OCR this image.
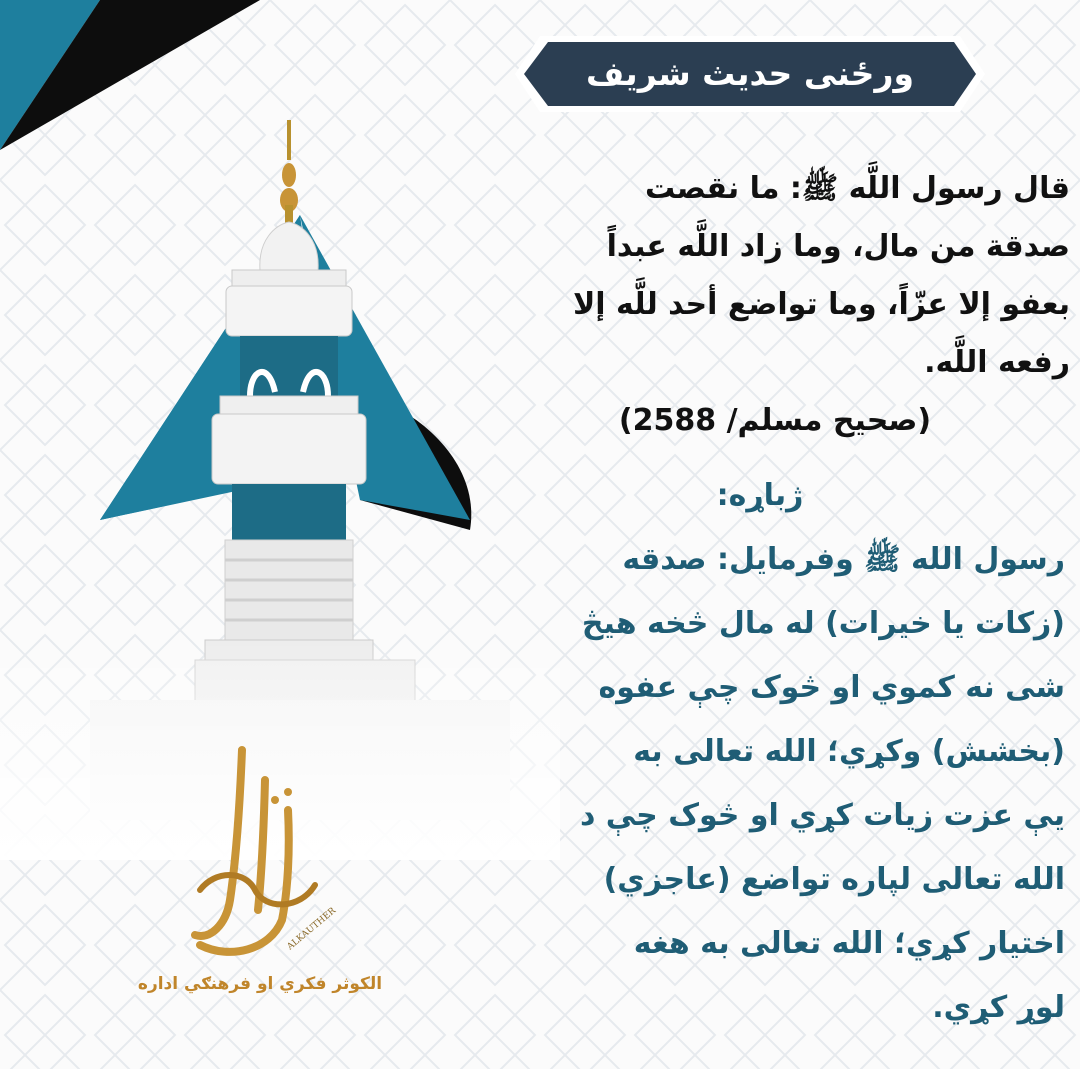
ورځنی حدیث شریف
قال رسول اللَّه ﷺ: ما نقصت
صدقة من مال، وما زاد اللَّه عبداً
بعفو إلا عزّاً، وما تواضع أحد للَّه إلا
رفعه اللَّه.
(صحيح مسلم/ 2588)
ژباړه:
رسول الله ﷺ وفرمایل: صدقه
(زکات یا خیرات) له مال څخه هیڅ
شی نه کموي او څوک چې عفوه
(بخشش) وکړي؛ الله تعالی به
یې عزت زیات کړي او څوک چې د
الله تعالی لپاره تواضع (عاجزي)
اختیار کړي؛ الله تعالی به هغه
لوړ کړي.
ALKAUTHER
الکوثر فکري او فرهنګي اداره
